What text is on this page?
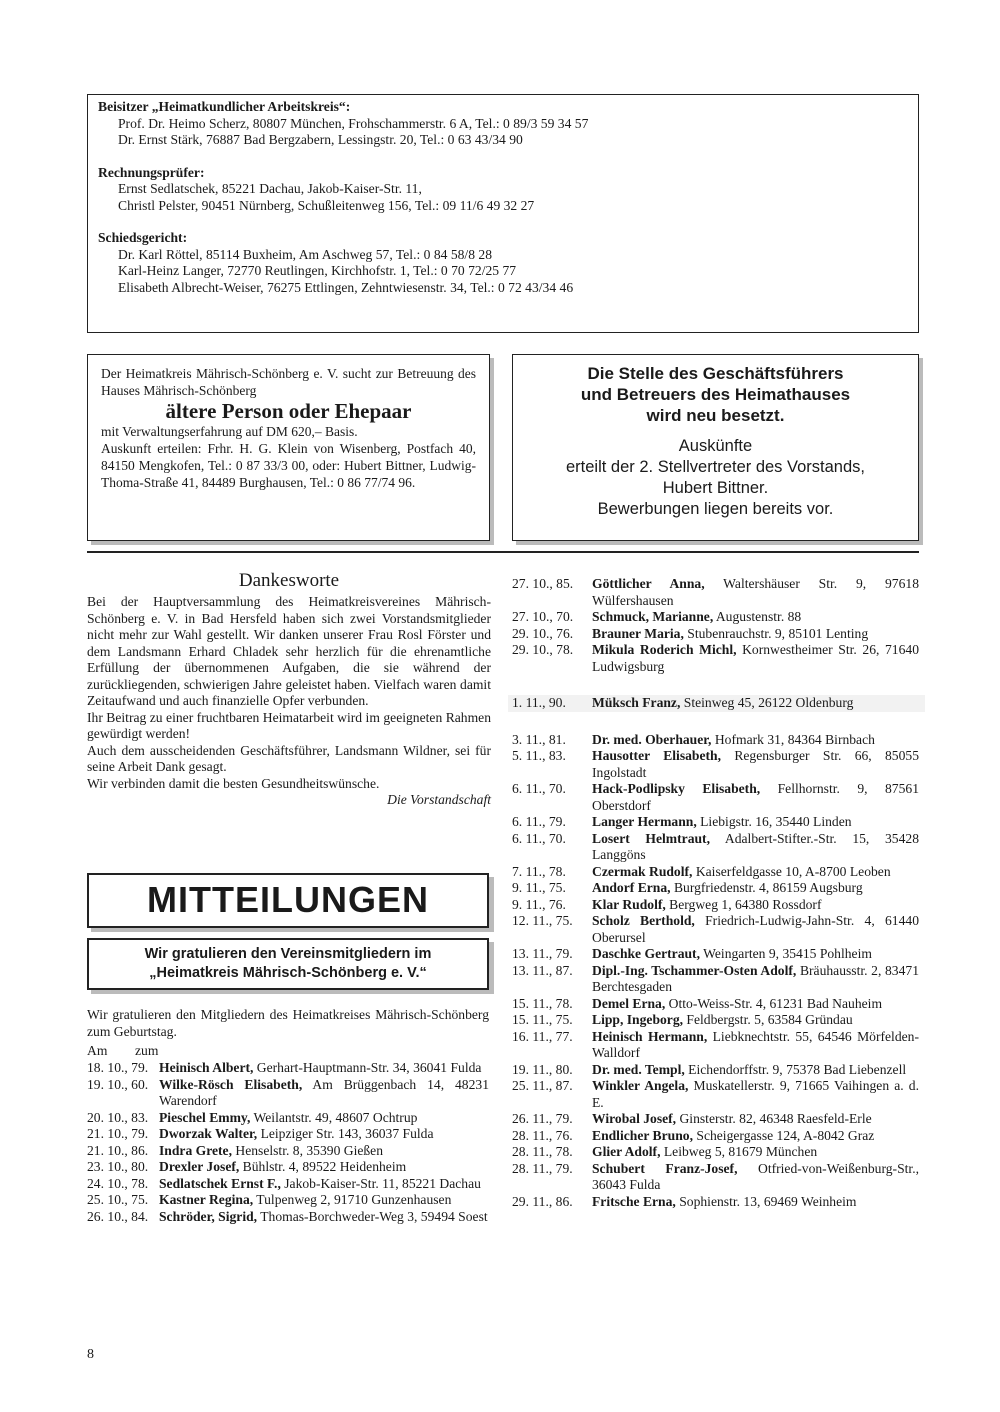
Beisitzer „Heimatkundlicher Arbeitskreis“:
Prof. Dr. Heimo Scherz, 80807 München, Frohschammerstr. 6 A, Tel.: 0 89/3 59 34 57
Dr. Ernst Stärk, 76887 Bad Bergzabern, Lessingstr. 20, Tel.: 0 63 43/34 90
Rechnungsprüfer:
Ernst Sedlatschek, 85221 Dachau, Jakob-Kaiser-Str. 11,
Christl Pelster, 90451 Nürnberg, Schußleitenweg 156, Tel.: 09 11/6 49 32 27
Schiedsgericht:
Dr. Karl Röttel, 85114 Buxheim, Am Aschweg 57, Tel.: 0 84 58/8 28
Karl-Heinz Langer, 72770 Reutlingen, Kirchhofstr. 1, Tel.: 0 70 72/25 77
Elisabeth Albrecht-Weiser, 76275 Ettlingen, Zehntwiesenstr. 34, Tel.: 0 72 43/34 46
Der Heimatkreis Mährisch-Schönberg e. V. sucht zur Betreuung des Hauses Mährisch-Schönberg
ältere Person oder Ehepaar
mit Verwaltungserfahrung auf DM 620,– Basis.
Auskunft erteilen: Frhr. H. G. Klein von Wisenberg, Postfach 40, 84150 Mengkofen, Tel.: 0 87 33/3 00, oder: Hubert Bittner, Ludwig-Thoma-Straße 41, 84489 Burghausen, Tel.: 0 86 77/74 96.
Die Stelle des Geschäftsführers
und Betreuers des Heimathauses
wird neu besetzt.
Auskünfte
erteilt der 2. Stellvertreter des Vorstands,
Hubert Bittner.
Bewerbungen liegen bereits vor.
Dankesworte
Bei der Hauptversammlung des Heimatkreisvereines Mährisch-Schönberg e. V. in Bad Hersfeld haben sich zwei Vorstandsmitglieder nicht mehr zur Wahl gestellt. Wir danken unserer Frau Rosl Förster und dem Landsmann Erhard Chladek sehr herzlich für die ehrenamtliche Erfüllung der übernommenen Aufgaben, die sie während der zurückliegenden, schwierigen Jahre geleistet haben. Vielfach waren damit Zeitaufwand und auch finanzielle Opfer verbunden.
Ihr Beitrag zu einer fruchtbaren Heimatarbeit wird im geeigneten Rahmen gewürdigt werden!
Auch dem ausscheidenden Geschäftsführer, Landsmann Wildner, sei für seine Arbeit Dank gesagt.
Wir verbinden damit die besten Gesundheitswünsche.
Die Vorstandschaft
MITTEILUNGEN
Wir gratulieren den Vereinsmitgliedern im
„Heimatkreis Mährisch-Schönberg e. V.“
Wir gratulieren den Mitgliedern des Heimatkreises Mährisch-Schönberg zum Geburtstag.
Am zum
18. 10., 79. Heinisch Albert, Gerhart-Hauptmann-Str. 34, 36041 Fulda
19. 10., 60. Wilke-Rösch Elisabeth, Am Brüggenbach 14, 48231 Warendorf
20. 10., 83. Pieschel Emmy, Weilantstr. 49, 48607 Ochtrup
21. 10., 79. Dworzak Walter, Leipziger Str. 143, 36037 Fulda
21. 10., 86. Indra Grete, Henselstr. 8, 35390 Gießen
23. 10., 80. Drexler Josef, Bühlstr. 4, 89522 Heidenheim
24. 10., 78. Sedlatschek Ernst F., Jakob-Kaiser-Str. 11, 85221 Dachau
25. 10., 75. Kastner Regina, Tulpenweg 2, 91710 Gunzenhausen
26. 10., 84. Schröder, Sigrid, Thomas-Borchweder-Weg 3, 59494 Soest
27. 10., 85.	Göttlicher Anna, Waltershäuser Str. 9, 97618 Wülfershausen
27. 10., 70.	Schmuck, Marianne, Augustenstr. 88
29. 10., 76.	Brauner Maria, Stubenrauchstr. 9, 85101 Lenting
29. 10., 78.	Mikula Roderich Michl, Kornwestheimer Str. 26, 71640 Ludwigsburg
1. 11., 90.	Müksch Franz, Steinweg 45, 26122 Oldenburg
3. 11., 81.	Dr. med. Oberhauer, Hofmark 31, 84364 Birnbach
5. 11., 83.	Hausotter Elisabeth, Regensburger Str. 66, 85055 Ingolstadt
6. 11., 70.	Hack-Podlipsky Elisabeth, Fellhornstr. 9, 87561 Oberstdorf
6. 11., 79.	Langer Hermann, Liebigstr. 16, 35440 Linden
6. 11., 70.	Losert Helmtraut, Adalbert-Stifter.-Str. 15, 35428 Langgöns
7. 11., 78.	Czermak Rudolf, Kaiserfeldgasse 10, A-8700 Leoben
9. 11., 75.	Andorf Erna, Burgfriedenstr. 4, 86159 Augsburg
9. 11., 76.	Klar Rudolf, Bergweg 1, 64380 Rossdorf
12. 11., 75.	Scholz Berthold, Friedrich-Ludwig-Jahn-Str. 4, 61440 Oberursel
13. 11., 79.	Daschke Gertraut, Weingarten 9, 35415 Pohlheim
13. 11., 87.	Dipl.-Ing. Tschammer-Osten Adolf, Bräuhausstr. 2, 83471 Berchtesgaden
15. 11., 78.	Demel Erna, Otto-Weiss-Str. 4, 61231 Bad Nauheim
15. 11., 75.	Lipp, Ingeborg, Feldbergstr. 5, 63584 Gründau
16. 11., 77.	Heinisch Hermann, Liebknechtstr. 55, 64546 Mörfelden-Walldorf
19. 11., 80.	Dr. med. Templ, Eichendorffstr. 9, 75378 Bad Liebenzell
25. 11., 87.	Winkler Angela, Muskatellerstr. 9, 71665 Vaihingen a. d. E.
26. 11., 79.	Wirobal Josef, Ginsterstr. 82, 46348 Raesfeld-Erle
28. 11., 76.	Endlicher Bruno, Scheigergasse 124, A-8042 Graz
28. 11., 78.	Glier Adolf, Leibweg 5, 81679 München
28. 11., 79.	Schubert Franz-Josef, Otfried-von-Weißenburg-Str., 36043 Fulda
29. 11., 86.	Fritsche Erna, Sophienstr. 13, 69469 Weinheim
8
